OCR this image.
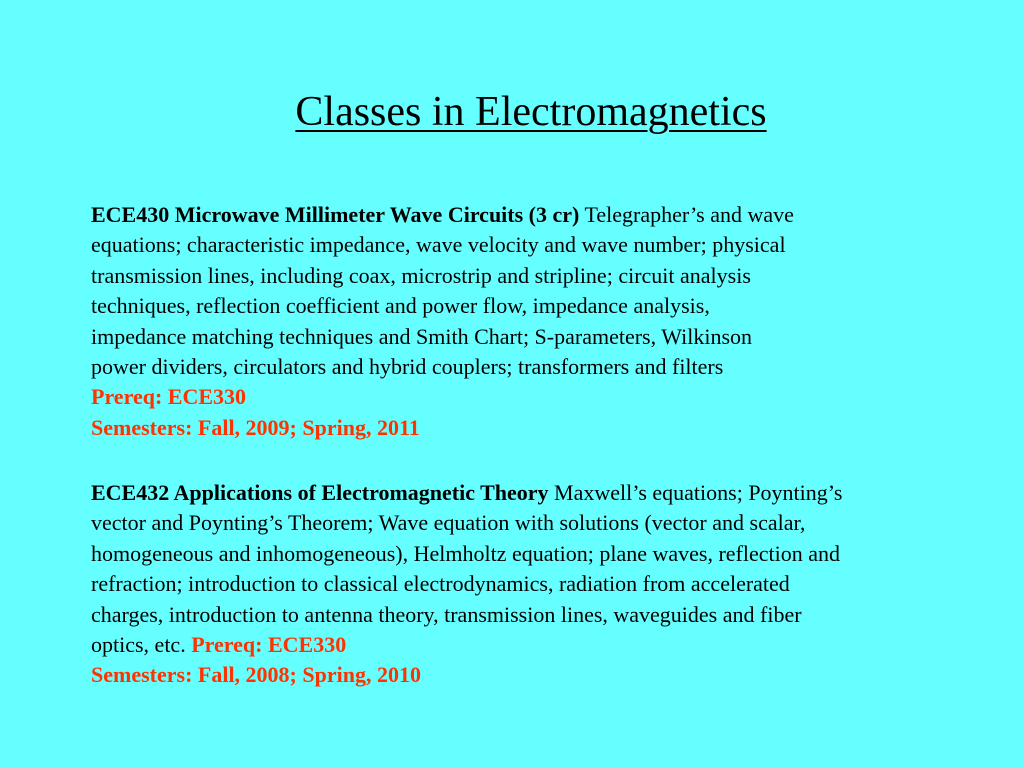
Classes in Electromagnetics
ECE430 Microwave Millimeter Wave Circuits (3 cr) Telegrapher’s and wave
equations; characteristic impedance, wave velocity and wave number; physical
transmission lines, including coax, microstrip and stripline; circuit analysis
techniques, reflection coefficient and power flow, impedance analysis,
impedance matching techniques and Smith Chart; S-parameters, Wilkinson
power dividers, circulators and hybrid couplers; transformers and filters
Prereq: ECE330
Semesters: Fall, 2009; Spring, 2011
ECE432 Applications of Electromagnetic Theory Maxwell’s equations; Poynting’s
vector and Poynting’s Theorem; Wave equation with solutions (vector and scalar,
homogeneous and inhomogeneous), Helmholtz equation; plane waves, reflection and
refraction; introduction to classical electrodynamics, radiation from accelerated
charges, introduction to antenna theory, transmission lines, waveguides and fiber
optics, etc. Prereq: ECE330
Semesters: Fall, 2008; Spring, 2010
